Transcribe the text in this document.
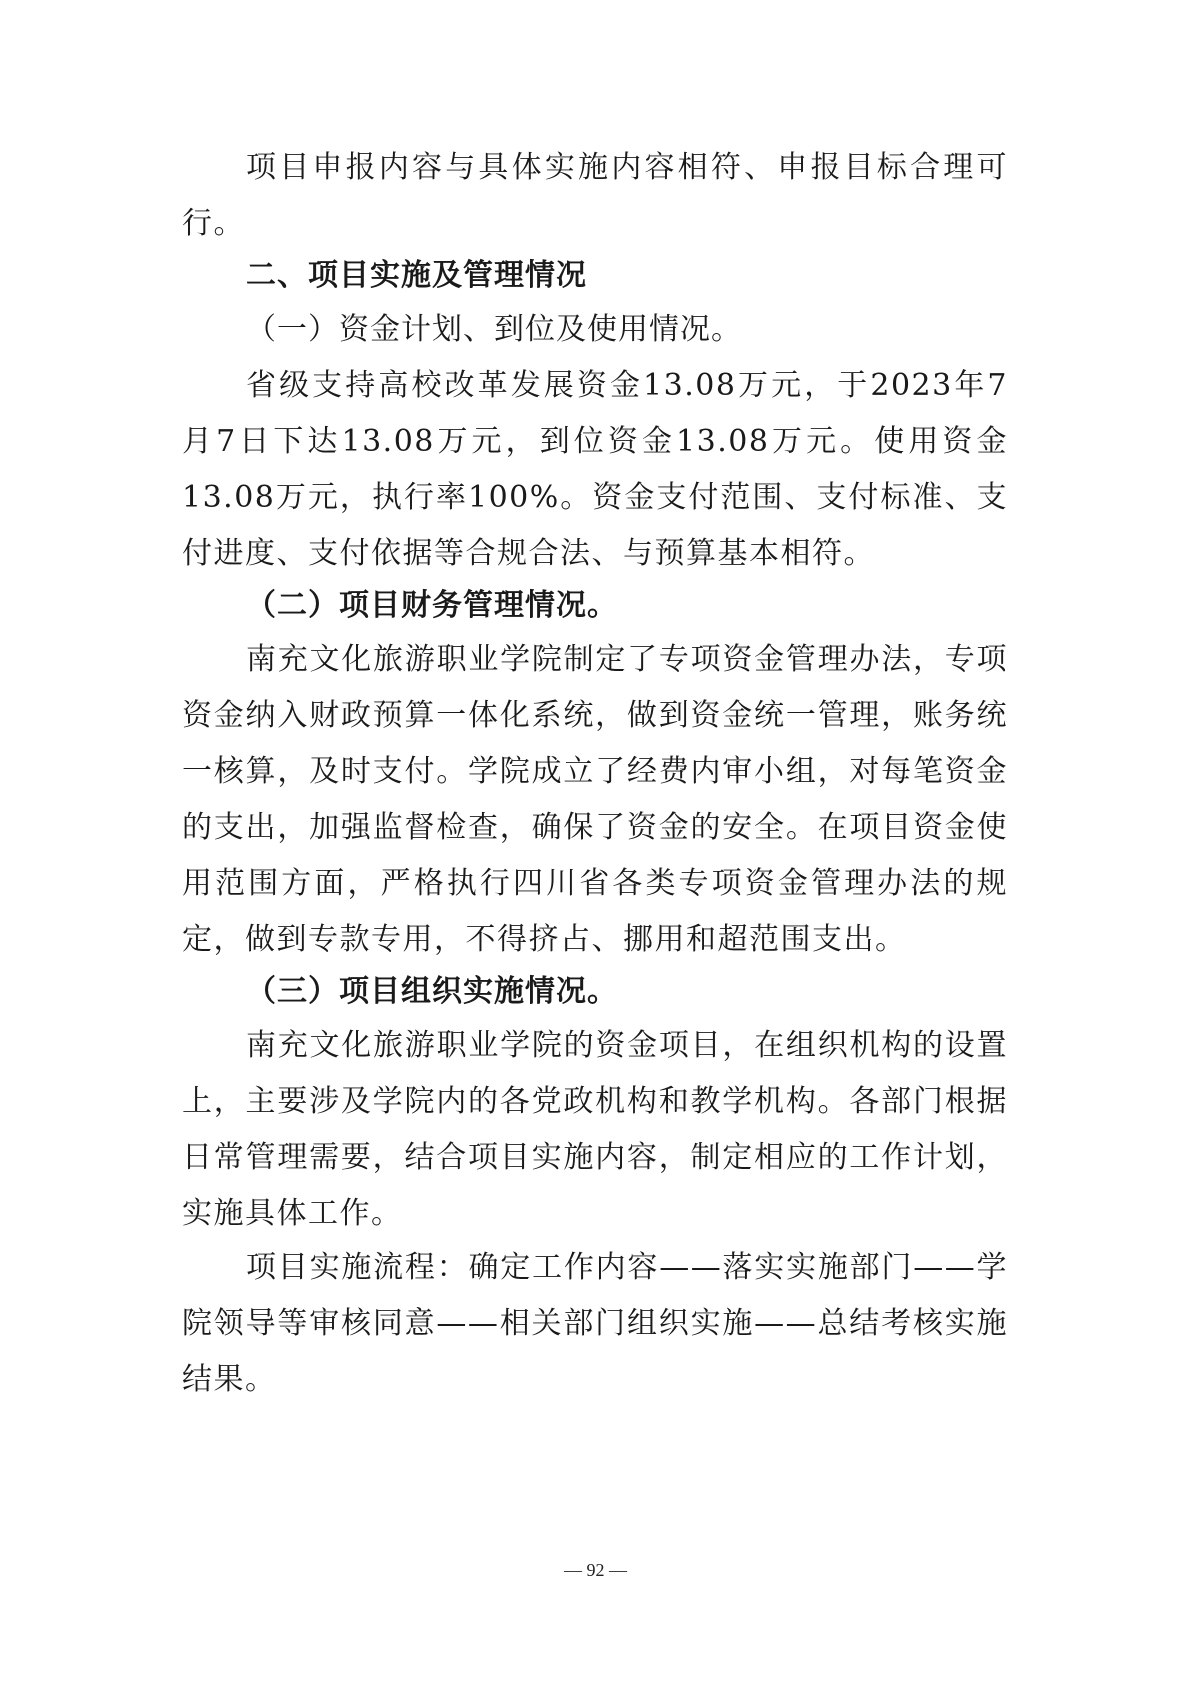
项目申报内容与具体实施内容相符、申报目标合理可行。

二、项目实施及管理情况

（一）资金计划、到位及使用情况。

省级支持高校改革发展资金13.08万元，于2023年7月7日下达13.08万元，到位资金13.08万元。使用资金13.08万元，执行率100%。资金支付范围、支付标准、支付进度、支付依据等合规合法、与预算基本相符。

（二）项目财务管理情况。

南充文化旅游职业学院制定了专项资金管理办法，专项资金纳入财政预算一体化系统，做到资金统一管理，账务统一核算，及时支付。学院成立了经费内审小组，对每笔资金的支出，加强监督检查，确保了资金的安全。在项目资金使用范围方面，严格执行四川省各类专项资金管理办法的规定，做到专款专用，不得挤占、挪用和超范围支出。

（三）项目组织实施情况。

南充文化旅游职业学院的资金项目，在组织机构的设置上，主要涉及学院内的各党政机构和教学机构。各部门根据日常管理需要，结合项目实施内容，制定相应的工作计划，实施具体工作。

项目实施流程：确定工作内容——落实实施部门——学院领导等审核同意——相关部门组织实施——总结考核实施结果。

— 92 —
